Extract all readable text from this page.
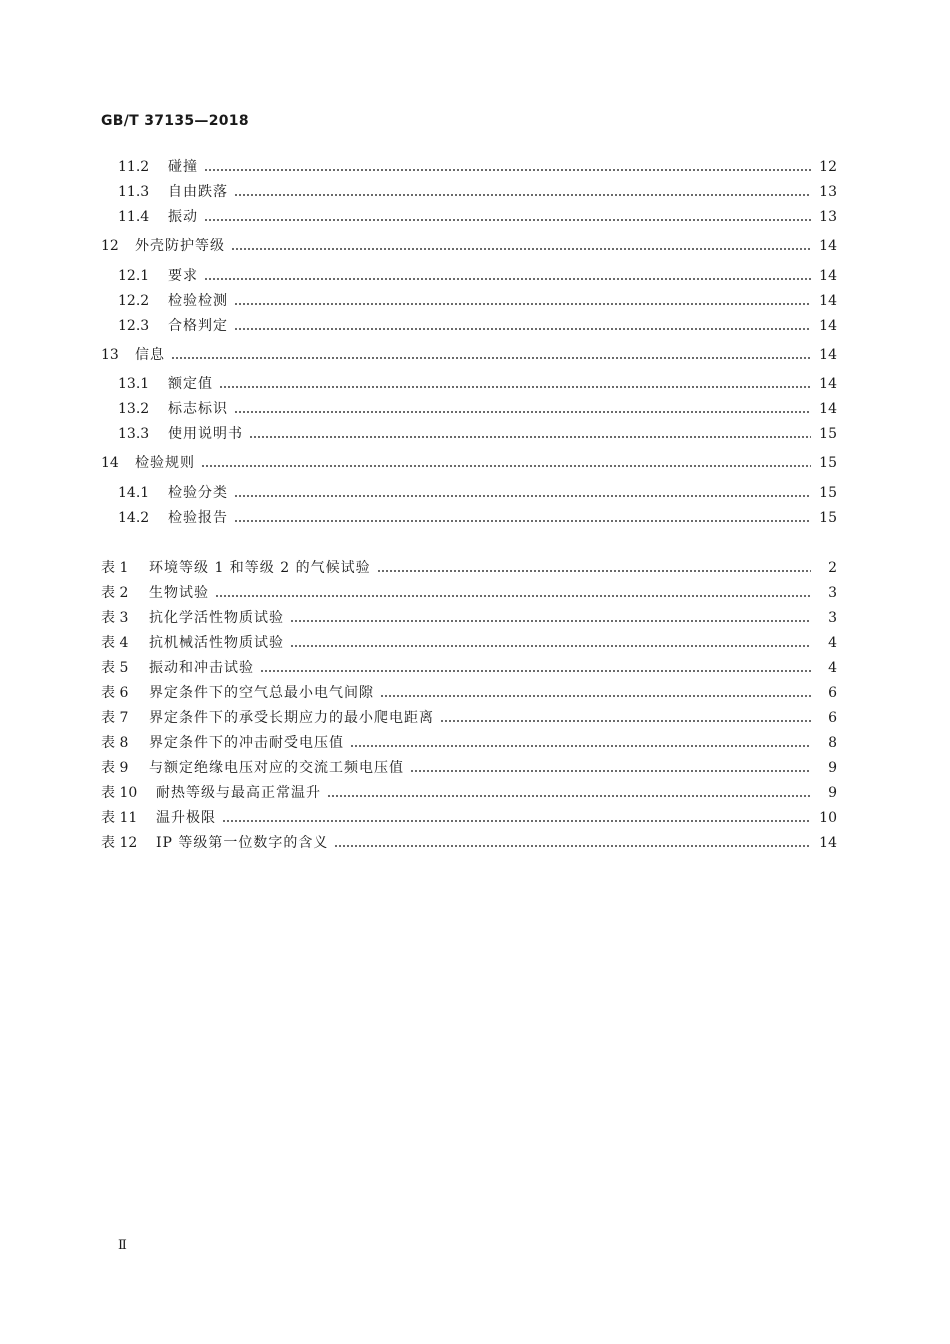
GB/T 37135—2018
11.2	碰撞	12
11.3	自由跌落	13
11.4	振动	13
12	外壳防护等级	14
12.1	要求	14
12.2	检验检测	14
12.3	合格判定	14
13	信息	14
13.1	额定值	14
13.2	标志标识	14
13.3	使用说明书	15
14	检验规则	15
14.1	检验分类	15
14.2	检验报告	15
表 1	环境等级 1 和等级 2 的气候试验	2
表 2	生物试验	3
表 3	抗化学活性物质试验	3
表 4	抗机械活性物质试验	4
表 5	振动和冲击试验	4
表 6	界定条件下的空气总最小电气间隙	6
表 7	界定条件下的承受长期应力的最小爬电距离	6
表 8	界定条件下的冲击耐受电压值	8
表 9	与额定绝缘电压对应的交流工频电压值	9
表 10	耐热等级与最高正常温升	9
表 11	温升极限	10
表 12	IP 等级第一位数字的含义	14
Ⅱ
